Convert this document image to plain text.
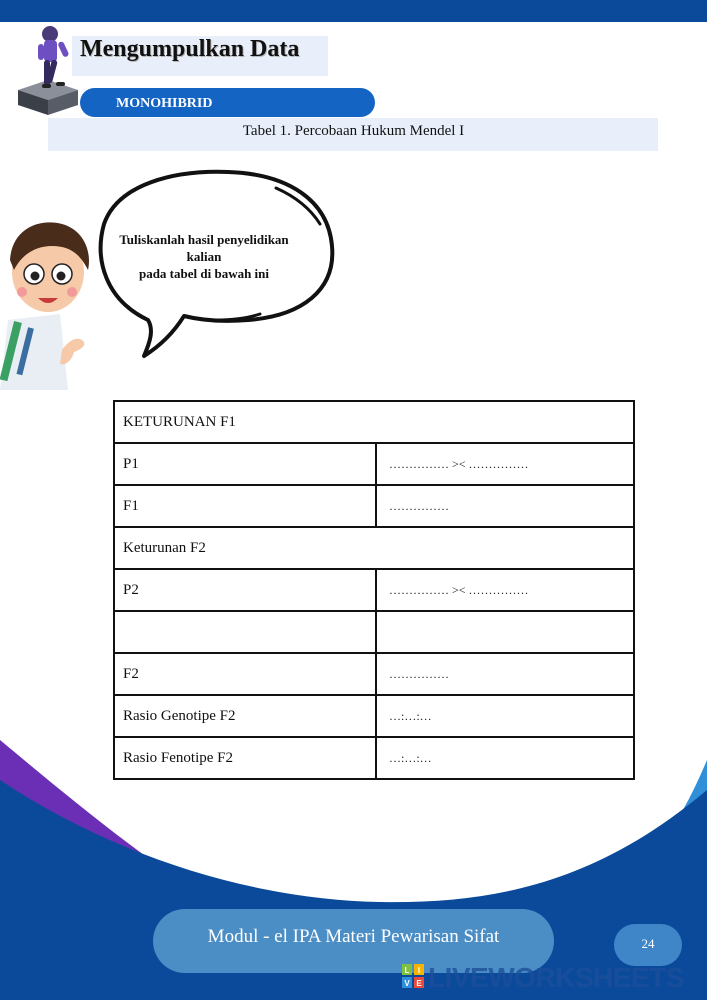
Mengumpulkan Data
MONOHIBRID
Tabel 1. Percobaan Hukum Mendel I
Tuliskanlah hasil penyelidikan
kalian
pada tabel di bawah ini
KETURUNAN F1	
P1	…………… >< ……………
F1	……………
Keturunan F2	
P2	…………… >< ……………

F2	……………
Rasio Genotipe F2	…:…:…
Rasio Fenotipe F2	…:…:…
Modul - el IPA Materi Pewarisan Sifat	24
L I
V E LIVEWORKSHEETS
